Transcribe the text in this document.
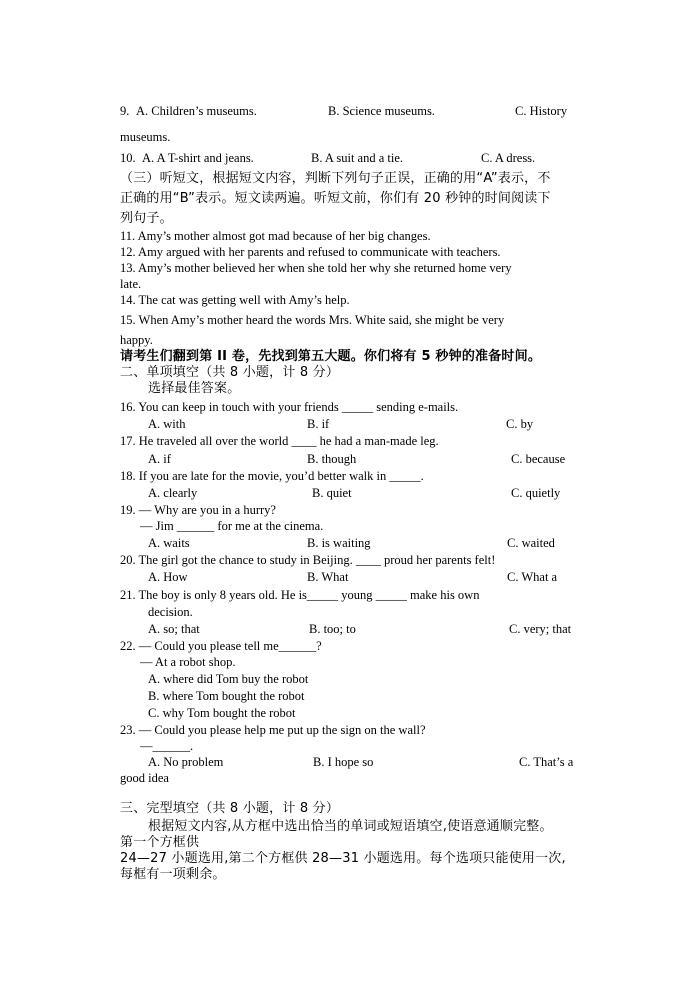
9. A. Children’s museums.	B. Science museums.	C. History
museums.
10. A. A T-shirt and jeans.	B. A suit and a tie.	C. A dress.
（三）听短文，根据短文内容，判断下列句子正误，正确的用“A”表示，不
正确的用“B”表示。短文读两遍。听短文前，你们有 20 秒钟的时间阅读下
列句子。
11. Amy’s mother almost got mad because of her big changes.
12. Amy argued with her parents and refused to communicate with teachers.
13. Amy’s mother believed her when she told her why she returned home very
late.
14. The cat was getting well with Amy’s help.
15. When Amy’s mother heard the words Mrs. White said, she might be very
happy.
请考生们翻到第 II 卷，先找到第五大题。你们将有 5 秒钟的准备时间。
二、单项填空（共 8 小题，计 8 分）
选择最佳答案。
16. You can keep in touch with your friends _____ sending e-mails.
A. with	B. if	C. by
17. He traveled all over the world ____ he had a man-made leg.
A. if	B. though	C. because
18. If you are late for the movie, you’d better walk in _____.
A. clearly	B. quiet	C. quietly
19. — Why are you in a hurry?
— Jim ______ for me at the cinema.
A. waits	B. is waiting	C. waited
20. The girl got the chance to study in Beijing. ____ proud her parents felt!
A. How	B. What	C. What a
21. The boy is only 8 years old. He is_____ young _____ make his own
decision.
A. so; that	B. too; to	C. very; that
22. — Could you please tell me______?
— At a robot shop.
A. where did Tom buy the robot
B. where Tom bought the robot
C. why Tom bought the robot
23. — Could you please help me put up the sign on the wall?
—______.
A. No problem	B. I hope so	C. That’s a
good idea
三、完型填空（共 8 小题，计 8 分）
根据短文内容,从方框中选出恰当的单词或短语填空,使语意通顺完整。
第一个方框供
24—27 小题选用,第二个方框供 28—31 小题选用。每个选项只能使用一次,
每框有一项剩余。
